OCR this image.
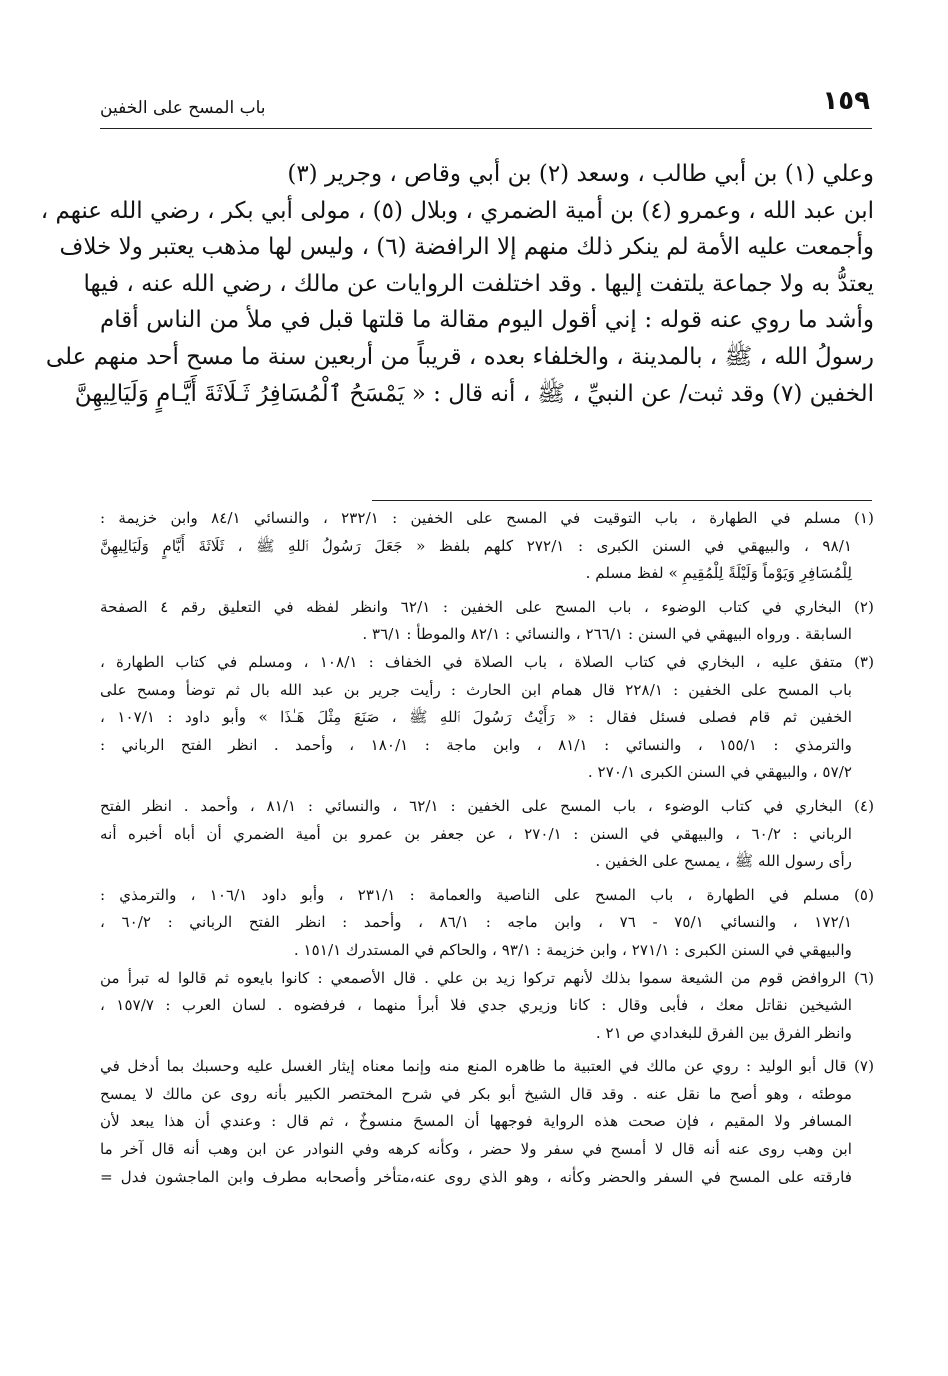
١٥٩
باب المسح على الخفين
وعلي (١) بن أبي طالب ، وسعد (٢) بن أبي وقاص ، وجرير (٣)
ابن عبد الله ، وعمرو (٤) بن أمية الضمري ، وبلال (٥) ، مولى أبي بكر ، رضي الله عنهم ،
وأجمعت عليه الأمة لم ينكر ذلك منهم إلا الرافضة (٦) ، وليس لها مذهب يعتبر ولا خلاف
يعتدُّ به ولا جماعة يلتفت إليها . وقد اختلفت الروايات عن مالك ، رضي الله عنه ، فيها
وأشد ما روي عنه قوله : إني أقول اليوم مقالة ما قلتها قبل في ملأ من الناس أقام
رسولُ الله ، ﷺ ، بالمدينة ، والخلفاء بعده ، قريباً من أربعين سنة ما مسح أحد منهم على
الخفين (٧) وقد ثبت/ عن النبيِّ ، ﷺ ، أنه قال : « يَمْسَحُ ٱلْمُسَافِرُ ثَـلَاثَةَ أَيَّـامٍ وَلَيَالِيهِنَّ
(١) مسلم في الطهارة ، باب التوقيت في المسح على الخفين : ٢٣٢/١ ، والنسائي ٨٤/١ وابن خزيمة :
٩٨/١ ، والبيهقي في السنن الكبرى : ٢٧٢/١ كلهم بلفظ « جَعَلَ رَسُولُ ٱللهِ ﷺ ، ثَلَاثَةَ أَيَّامٍ وَلَيَالِيهِنَّ
لِلْمُسَافِرِ وَيَوْماً وَلَيْلَةً لِلْمُقِيمِ » لفظ مسلم .
(٢) البخاري في كتاب الوضوء ، باب المسح على الخفين : ٦٢/١ وانظر لفظه في التعليق رقم ٤ الصفحة
السابقة . ورواه البيهقي في السنن : ٢٦٦/١ ، والنسائي : ٨٢/١ والموطأ : ٣٦/١ .
(٣) متفق عليه ، البخاري في كتاب الصلاة ، باب الصلاة في الخفاف : ١٠٨/١ ، ومسلم في كتاب الطهارة ،
باب المسح على الخفين : ٢٢٨/١ قال همام ابن الحارث : رأيت جرير بن عبد الله بال ثم توضأ ومسح على
الخفين ثم قام فصلى فسئل فقال : « رَأَيْتُ رَسُولَ ٱللهِ ﷺ ، صَنَعَ مِثْلَ هَـٰذَا » وأبو داود : ١٠٧/١ ،
والترمذي : ١٥٥/١ ، والنسائي : ٨١/١ ، وابن ماجة : ١٨٠/١ ، وأحمد . انظر الفتح الرباني :
٥٧/٢ ، والبيهقي في السنن الكبرى ٢٧٠/١ .
(٤) البخاري في كتاب الوضوء ، باب المسح على الخفين : ٦٢/١ ، والنسائي : ٨١/١ ، وأحمد . انظر الفتح
الرباني : ٦٠/٢ ، والبيهقي في السنن : ٢٧٠/١ ، عن جعفر بن عمرو بن أمية الضمري أن أباه أخبره أنه
رأى رسول الله ﷺ ، يمسح على الخفين .
(٥) مسلم في الطهارة ، باب المسح على الناصية والعمامة : ٢٣١/١ ، وأبو داود ١٠٦/١ ، والترمذي :
١٧٢/١ ، والنسائي ٧٥/١ - ٧٦ ، وابن ماجه : ٨٦/١ ، وأحمد : انظر الفتح الرباني : ٦٠/٢ ،
والبيهقي في السنن الكبرى : ٢٧١/١ ، وابن خزيمة : ٩٣/١ ، والحاكم في المستدرك ١٥١/١ .
(٦) الروافض قوم من الشيعة سموا بذلك لأنهم تركوا زيد بن علي . قال الأصمعي : كانوا بايعوه ثم قالوا له تبرأ من
الشيخين نقاتل معك ، فأبى وقال : كانا وزيري جدي فلا أبرأ منهما ، فرفضوه . لسان العرب : ١٥٧/٧ ،
وانظر الفرق بين الفرق للبغدادي ص ٢١ .
(٧) قال أبو الوليد : روي عن مالك في العتبية ما ظاهره المنع منه وإنما معناه إيثار الغسل عليه وحسبك بما أدخل في
موطئه ، وهو أصح ما نقل عنه . وقد قال الشيخ أبو بكر في شرح المختصر الكبير بأنه روى عن مالك لا يمسح
المسافر ولا المقيم ، فإن صحت هذه الرواية فوجهها أن المسحَ منسوخٌ ، ثم قال : وعندي أن هذا يبعد لأن
ابن وهب روى عنه أنه قال لا أمسح في سفر ولا حضر ، وكأنه كرهه وفي النوادر عن ابن وهب أنه قال آخر ما
فارقته على المسح في السفر والحضر وكأنه ، وهو الذي روى عنه،متأخر وأصحابه مطرف وابن الماجشون فدل =
